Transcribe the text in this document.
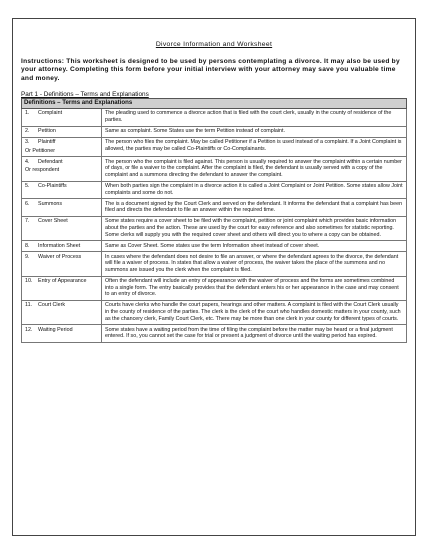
Divorce Information and Worksheet
Instructions: This worksheet is designed to be used by persons contemplating a divorce. It may also be used by your attorney. Completing this form before your initial interview with your attorney may save you valuable time and money.
Part 1 - Definitions – Terms and Explanations
Definitions – Terms and Explanations	
1. Complaint	The pleading used to commence a divorce action that is filed with the court clerk, usually in the county of residence of the parties.
2. Petition	Same as complaint. Some States use the term Petition instead of complaint.
3. Plaintiff
Or Petitioner	The person who files the complaint. May be called Petitioner if a Petition is used instead of a complaint. If a Joint Complaint is allowed, the parties may be called Co-Plaintiffs or Co-Complainants.
4. Defendant
Or respondent	The person who the complaint is filed against. This person is usually required to answer the complaint within a certain number of days, or file a waiver to the complaint. After the complaint is filed, the defendant is usually served with a copy of the complaint and a summons directing the defendant to answer the complaint.
5. Co-Plaintiffs	When both parties sign the complaint in a divorce action it is called a Joint Complaint or Joint Petition. Some states allow Joint complaints and some do not.
6. Summons	The is a document signed by the Court Clerk and served on the defendant. It informs the defendant that a complaint has been filed and directs the defendant to file an answer within the required time.
7. Cover Sheet	Some states require a cover sheet to be filed with the complaint, petition or joint complaint which provides basic information about the parties and the action. These are used by the court for easy reference and also sometimes for statistic reporting. Some clerks will supply you with the required cover sheet and others will direct you to where a copy can be obtained.
8. Information Sheet	Same as Cover Sheet. Some states use the term Information sheet instead of cover sheet.
9. Waiver of Process	In cases where the defendant does not desire to file an answer, or where the defendant agrees to the divorce, the defendant will file a waiver of process. In states that allow a waiver of process, the waiver takes the place of the summons and no summons are issued you the clerk when the complaint is filed.
10. Entry of Appearance	Often the defendant will include an entry of appearance with the waiver of process and the forms are sometimes combined into a single form. The entry basically provides that the defendant enters his or her appearance in the case and may consent to an entry of divorce.
11. Court Clerk	Courts have clerks who handle the court papers, hearings and other matters. A complaint is filed with the Court Clerk usually in the county of residence of the parties. The clerk is the clerk of the court who handles domestic matters in your county, such as the chancery clerk, Family Court Clerk, etc. There may be more than one clerk in your county for different types of courts.
12. Waiting Period	Some states have a waiting period from the time of filing the complaint before the matter may be heard or a final judgment entered. If so, you cannot set the case for trial or present a judgment of divorce until the waiting period has expired.
